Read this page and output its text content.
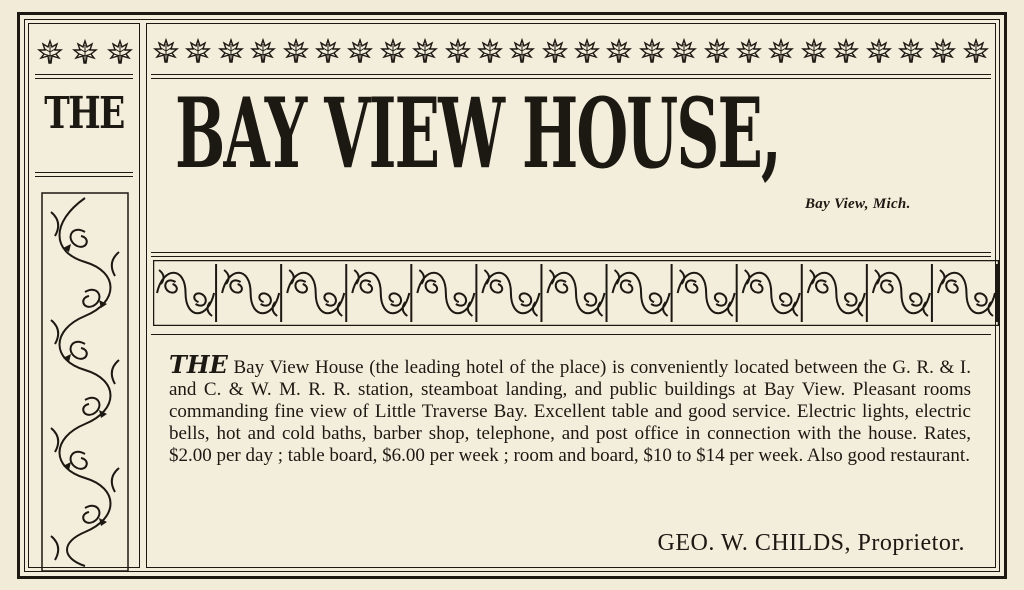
THE BAY VIEW HOUSE,
Bay View, Mich.
THE Bay View House (the leading hotel of the place) is conveniently located between the G. R. & I. and C. & W. M. R. R. station, steamboat landing, and public buildings at Bay View. Pleasant rooms commanding fine view of Little Traverse Bay. Excellent table and good service. Electric lights, electric bells, hot and cold baths, barber shop, telephone, and post office in connection with the house. Rates, $2.00 per day ; table board, $6.00 per week ; room and board, $10 to $14 per week. Also good restaurant.
GEO. W. CHILDS, Proprietor.
